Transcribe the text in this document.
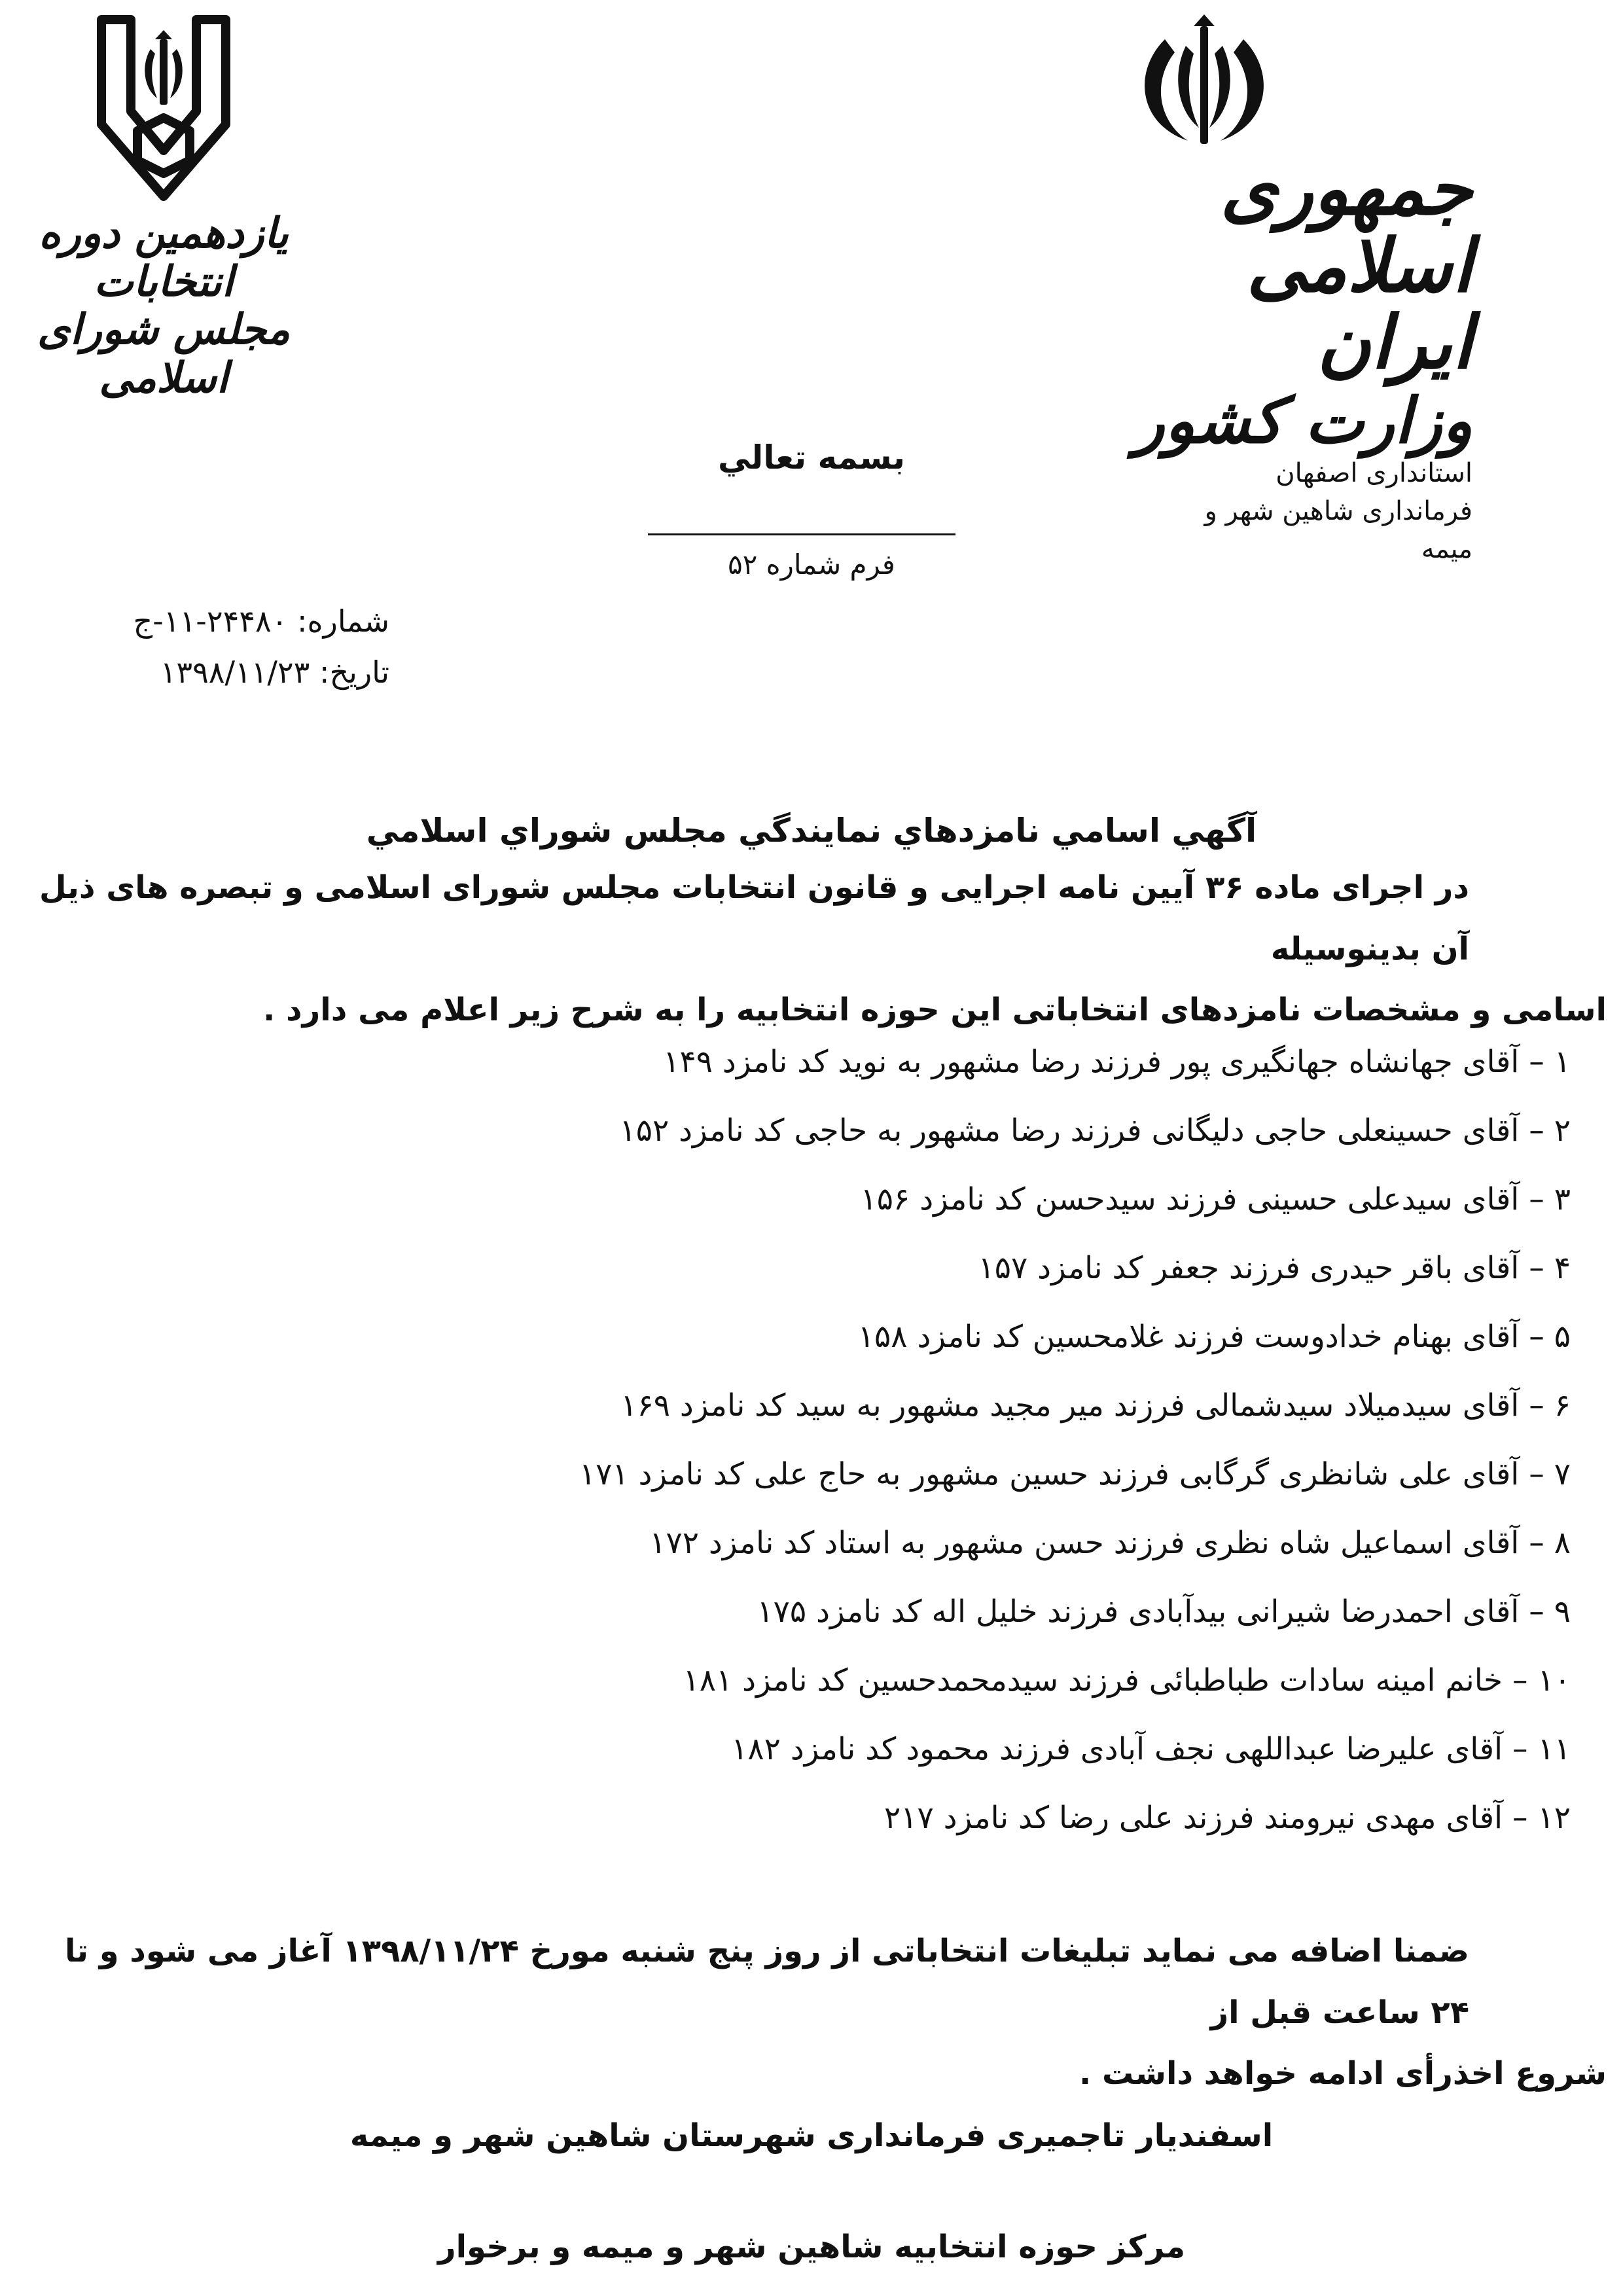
جمهوری اسلامی ایران
وزارت کشور
استانداری اصفهان
فرمانداری شاهین شهر و
میمه
یازدهمین دوره انتخابات
مجلس شورای اسلامی
بسمه تعالي
فرم شماره ۵۲
شماره: ۲۴۴۸۰-۱۱-ج
تاریخ: ۱۳۹۸/۱۱/۲۳
آگهي اسامي نامزدهاي نمايندگي مجلس شوراي اسلامي
در اجرای ماده ۳۶ آیین نامه اجرایی و قانون انتخابات مجلس شورای اسلامی و تبصره های ذیل آن بدینوسیله
اسامی و مشخصات نامزدهای انتخاباتی این حوزه انتخابیه را به شرح زیر اعلام می دارد .
۱ – آقای جهانشاه جهانگیری پور فرزند رضا مشهور به نوید کد نامزد ۱۴۹
۲ – آقای حسینعلی حاجی دلیگانی فرزند رضا مشهور به حاجی کد نامزد ۱۵۲
۳ – آقای سیدعلی حسینی فرزند سیدحسن کد نامزد ۱۵۶
۴ – آقای باقر حیدری فرزند جعفر کد نامزد ۱۵۷
۵ – آقای بهنام خدادوست فرزند غلامحسین کد نامزد ۱۵۸
۶ – آقای سیدمیلاد سیدشمالی فرزند میر مجید مشهور به سید کد نامزد ۱۶۹
۷ – آقای علی شانظری گرگابی فرزند حسین مشهور به حاج علی کد نامزد ۱۷۱
۸ – آقای اسماعیل شاه نظری فرزند حسن مشهور به استاد کد نامزد ۱۷۲
۹ – آقای احمدرضا شیرانی بیدآبادی فرزند خلیل اله کد نامزد ۱۷۵
۱۰ – خانم امینه سادات طباطبائی فرزند سیدمحمدحسین کد نامزد ۱۸۱
۱۱ – آقای علیرضا عبداللهی نجف آبادی فرزند محمود کد نامزد ۱۸۲
۱۲ – آقای مهدی نیرومند فرزند علی رضا کد نامزد ۲۱۷
ضمنا اضافه می نماید تبلیغات انتخاباتی از روز پنج شنبه مورخ ۱۳۹۸/۱۱/۲۴ آغاز می شود و تا ۲۴ ساعت قبل از
شروع اخذرأی ادامه خواهد داشت .
اسفندیار تاجمیری فرمانداری شهرستان شاهین شهر و میمه
مرکز حوزه انتخابیه شاهین شهر و میمه و برخوار
